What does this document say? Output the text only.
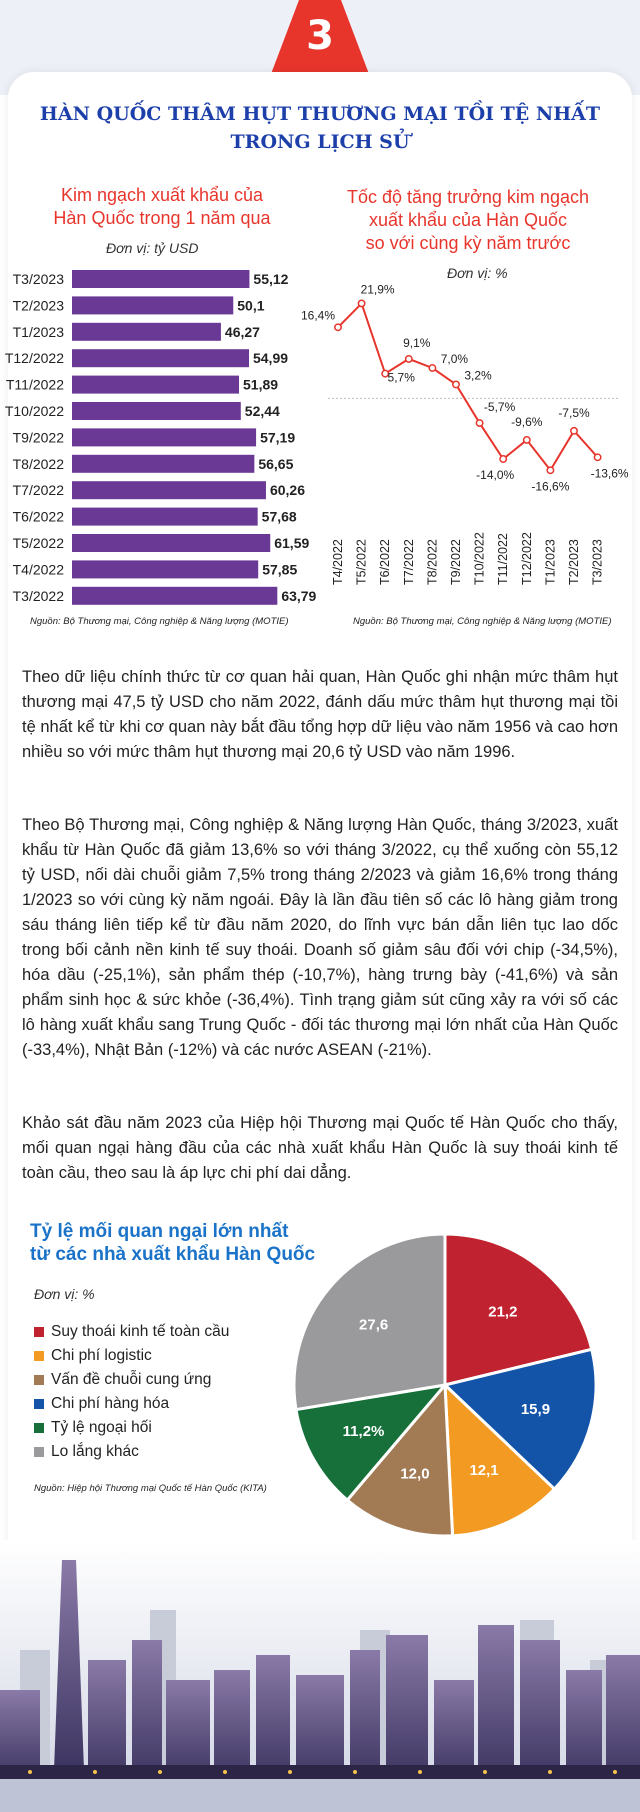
3
HÀN QUỐC THÂM HỤT THƯƠNG MẠI TỒI TỆ NHẤT
TRONG LỊCH SỬ
Kim ngạch xuất khẩu của
Hàn Quốc trong 1 năm qua
Đơn vị: tỷ USD
T3/2023	55,12
T2/2023	50,1
T1/2023	46,27
T12/2022	54,99
T11/2022	51,89
T10/2022	52,44
T9/2022	57,19
T8/2022	56,65
T7/2022	60,26
T6/2022	57,68
T5/2022	61,59
T4/2022	57,85
T3/2022	63,79
Nguồn: Bộ Thương mại, Công nghiệp & Năng lượng (MOTIE)
Tốc độ tăng trưởng kim ngạch
xuất khẩu của Hàn Quốc
so với cùng kỳ năm trước
Đơn vị: %
16,4%
T4/2022
21,9%
T5/2022
5,7%
T6/2022
9,1%
T7/2022
7,0%
T8/2022
3,2%
T9/2022
-5,7%
T10/2022
-14,0%
T11/2022
-9,6%
T12/2022
-16,6%
T1/2023
-7,5%
T2/2023
-13,6%
T3/2023
Nguồn: Bộ Thương mại, Công nghiệp & Năng lượng (MOTIE)

Theo dữ liệu chính thức từ cơ quan hải quan, Hàn Quốc ghi nhận mức thâm hụt thương mại 47,5 tỷ USD cho năm 2022, đánh dấu mức thâm hụt thương mại tồi tệ nhất kể từ khi cơ quan này bắt đầu tổng hợp dữ liệu vào năm 1956 và cao hơn nhiều so với mức thâm hụt thương mại 20,6 tỷ USD vào năm 1996.

Theo Bộ Thương mại, Công nghiệp & Năng lượng Hàn Quốc, tháng 3/2023, xuất khẩu từ Hàn Quốc đã giảm 13,6% so với tháng 3/2022, cụ thể xuống còn 55,12 tỷ USD, nối dài chuỗi giảm 7,5% trong tháng 2/2023 và giảm 16,6% trong tháng 1/2023 so với cùng kỳ năm ngoái. Đây là lần đầu tiên số các lô hàng giảm trong sáu tháng liên tiếp kể từ đầu năm 2020, do lĩnh vực bán dẫn liên tục lao dốc trong bối cảnh nền kinh tế suy thoái. Doanh số giảm sâu đối với chip (-34,5%), hóa dầu (-25,1%), sản phẩm thép (-10,7%), hàng trưng bày (-41,6%) và sản phẩm sinh học & sức khỏe (-36,4%). Tình trạng giảm sút cũng xảy ra với số các lô hàng xuất khẩu sang Trung Quốc - đối tác thương mại lớn nhất của Hàn Quốc (-33,4%), Nhật Bản (-12%) và các nước ASEAN (-21%).

Khảo sát đầu năm 2023 của Hiệp hội Thương mại Quốc tế Hàn Quốc cho thấy, mối quan ngại hàng đầu của các nhà xuất khẩu Hàn Quốc là suy thoái kinh tế toàn cầu, theo sau là áp lực chi phí dai dẳng.

Tỷ lệ mối quan ngại lớn nhất
từ các nhà xuất khẩu Hàn Quốc
Đơn vị: %
Suy thoái kinh tế toàn cầu
Chi phí logistic
Vấn đề chuỗi cung ứng
Chi phí hàng hóa
Tỷ lệ ngoại hối
Lo lắng khác
Nguồn: Hiệp hội Thương mại Quốc tế Hàn Quốc (KITA)
21,2
15,9
12,1
12,0
11,2%
27,6
